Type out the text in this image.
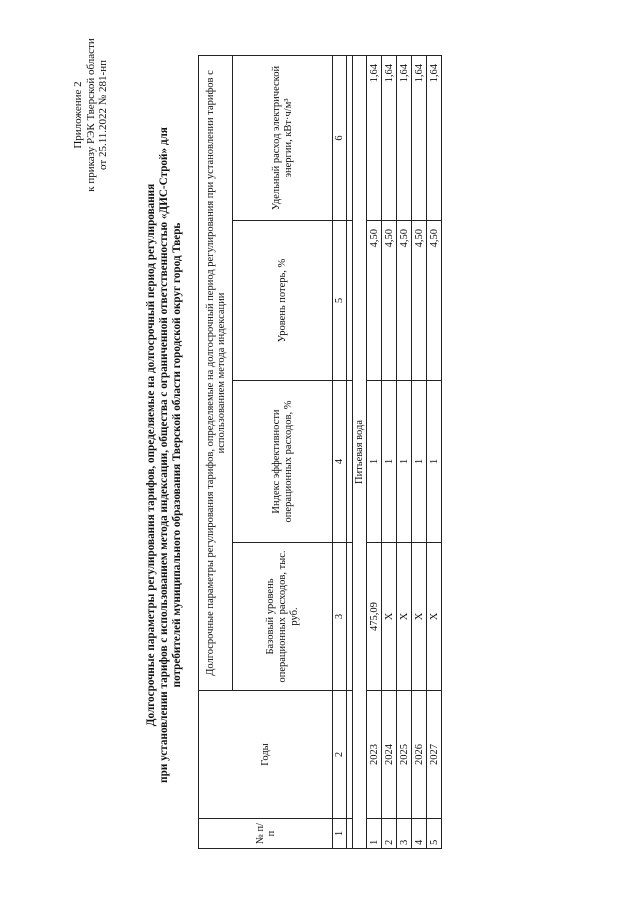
Приложение 2 к приказу РЭК Тверской области от 25.11.2022 № 281-нп
Долгосрочные параметры регулирования тарифов, определяемые на долгосрочный период регулирования при установлении тарифов с использованием метода индексации, общества с ограниченной ответственностью «ДИС-Строй» для потребителей муниципального образования Тверской области городской округ город Тверь
№ п/п	Годы	Долгосрочные параметры регулирования тарифов, определяемые на долгосрочный период регулирования при установлении тарифов с использованием метода индексации			
		Базовый уровень операционных расходов, тыс. руб.	Индекс эффективности операционных расходов, %	Уровень потерь, %	Удельный расход электрической энергии, кВт·ч/м³
1	2	3	4	5	6

Питьевая вода					
1	2023	475,09	1	4,50	1,64
2	2024	Х	1	4,50	1,64
3	2025	Х	1	4,50	1,64
4	2026	Х	1	4,50	1,64
5	2027	Х	1	4,50	1,64
